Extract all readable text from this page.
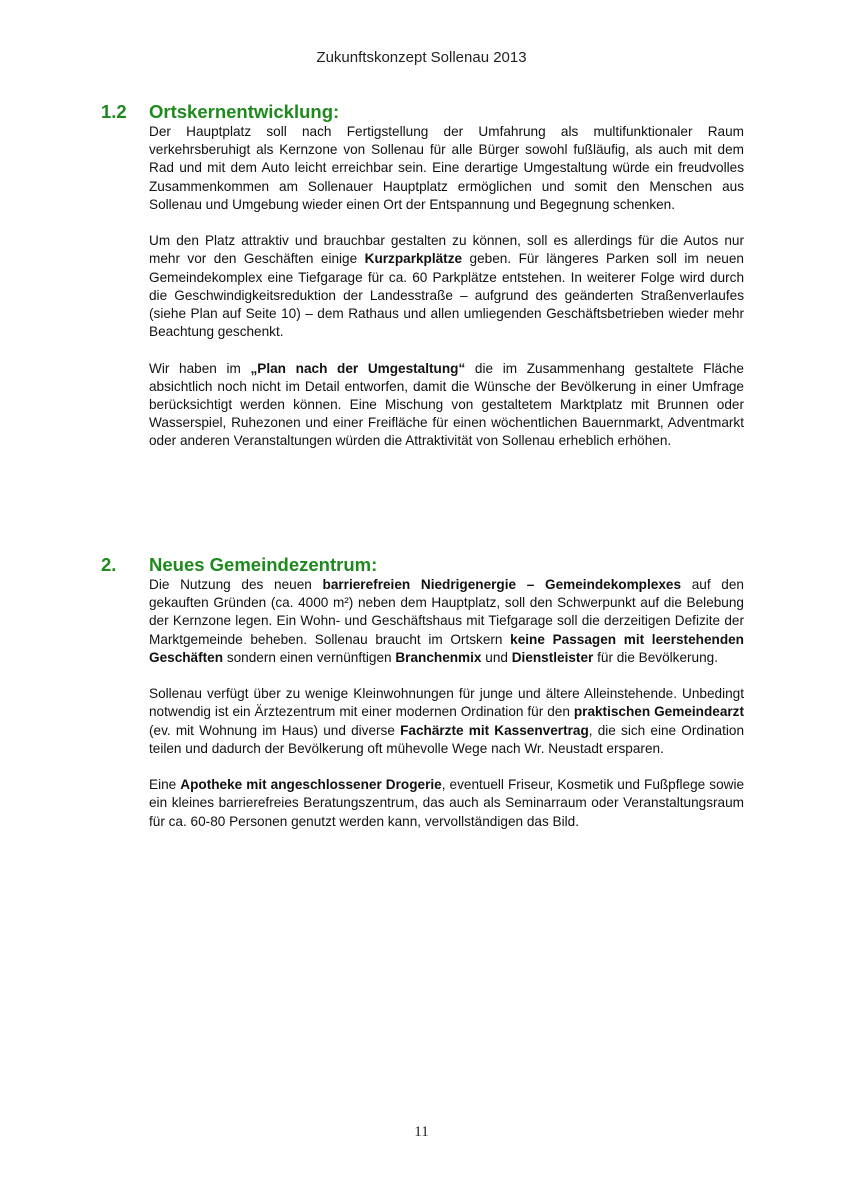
Zukunftskonzept Sollenau 2013
1.2 Ortskernentwicklung:

Der Hauptplatz soll nach Fertigstellung der Umfahrung als multifunktionaler Raum verkehrsberuhigt als Kernzone von Sollenau für alle Bürger sowohl fußläufig, als auch mit dem Rad und mit dem Auto leicht erreichbar sein. Eine derartige Umgestaltung würde ein freudvolles Zusammenkommen am Sollenauer Hauptplatz ermöglichen und somit den Menschen aus Sollenau und Umgebung wieder einen Ort der Entspannung und Begegnung schenken.

Um den Platz attraktiv und brauchbar gestalten zu können, soll es allerdings für die Autos nur mehr vor den Geschäften einige Kurzparkplätze geben. Für längeres Parken soll im neuen Gemeindekomplex eine Tiefgarage für ca. 60 Parkplätze entstehen. In weiterer Folge wird durch die Geschwindigkeitsreduktion der Landesstraße – aufgrund des geänderten Straßenverlaufes (siehe Plan auf Seite 10) – dem Rathaus und allen umliegenden Geschäftsbetrieben wieder mehr Beachtung geschenkt.

Wir haben im „Plan nach der Umgestaltung“ die im Zusammenhang gestaltete Fläche absichtlich noch nicht im Detail entworfen, damit die Wünsche der Bevölkerung in einer Umfrage berücksichtigt werden können. Eine Mischung von gestaltetem Marktplatz mit Brunnen oder Wasserspiel, Ruhezonen und einer Freifläche für einen wöchentlichen Bauernmarkt, Adventmarkt oder anderen Veranstaltungen würden die Attraktivität von Sollenau erheblich erhöhen.

2. Neues Gemeindezentrum:

Die Nutzung des neuen barrierefreien Niedrigenergie – Gemeindekomplexes auf den gekauften Gründen (ca. 4000 m²) neben dem Hauptplatz, soll den Schwerpunkt auf die Belebung der Kernzone legen. Ein Wohn- und Geschäftshaus mit Tiefgarage soll die derzeitigen Defizite der Marktgemeinde beheben. Sollenau braucht im Ortskern keine Passagen mit leerstehenden Geschäften sondern einen vernünftigen Branchenmix und Dienstleister für die Bevölkerung.

Sollenau verfügt über zu wenige Kleinwohnungen für junge und ältere Alleinstehende. Unbedingt notwendig ist ein Ärztezentrum mit einer modernen Ordination für den praktischen Gemeindearzt (ev. mit Wohnung im Haus) und diverse Fachärzte mit Kassenvertrag, die sich eine Ordination teilen und dadurch der Bevölkerung oft mühevolle Wege nach Wr. Neustadt ersparen.

Eine Apotheke mit angeschlossener Drogerie, eventuell Friseur, Kosmetik und Fußpflege sowie ein kleines barrierefreies Beratungszentrum, das auch als Seminarraum oder Veranstaltungsraum für ca. 60-80 Personen genutzt werden kann, vervollständigen das Bild.

11
